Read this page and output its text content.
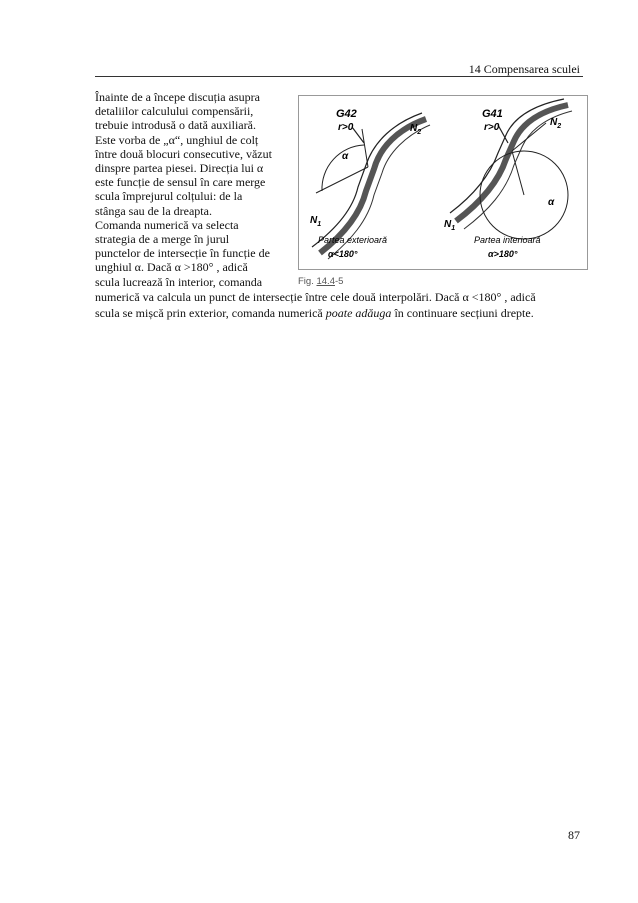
14 Compensarea sculei

Înainte de a începe discuția asupra

detaliilor calculului compensării,

trebuie introdusă o dată auxiliară.

Este vorba de „α“, unghiul de colț

între două blocuri consecutive, văzut

dinspre partea piesei. Direcția lui α

este funcție de sensul în care merge

scula împrejurul colțului: de la

stânga sau de la dreapta.

Comanda numerică va selecta

strategia de a merge în jurul

punctelor de intersecție în funcție de

unghiul α. Dacă α >180° , adică

scula lucrează în interior, comanda

G42
r>0
α
$N_2$
$N_1$
Partea exterioară
α<180°
G41
r>0
α
$N_2$
$N_1$
Partea interioară
α>180°
Fig. 14.4-5

numerică va calcula un punct de intersecție între cele două interpolări. Dacă α <180° , adică

scula se mișcă prin exterior, comanda numerică poate adăuga în continuare secțiuni drepte.

87
